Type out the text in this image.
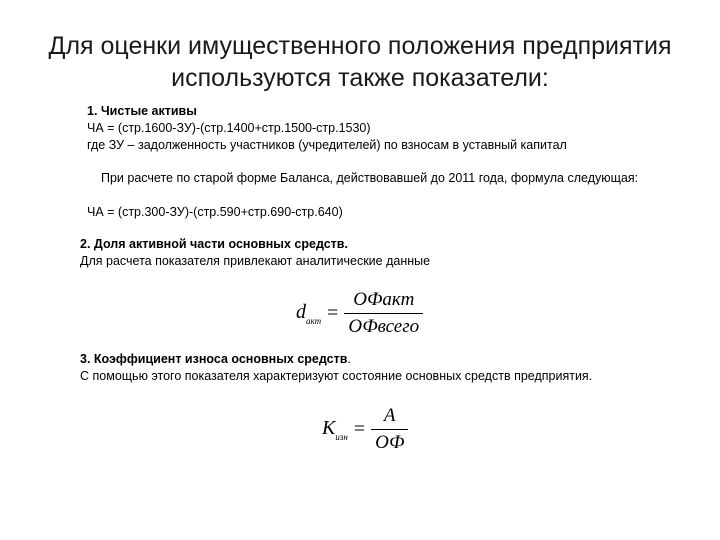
Для оценки имущественного положения предприятия
используются также показатели:
1. Чистые активы
ЧА = (стр.1600-ЗУ)-(стр.1400+стр.1500-стр.1530)
где ЗУ – задолженность участников (учредителей) по взносам в уставный капитал
При расчете по старой форме Баланса, действовавшей до 2011 года, формула следующая:
ЧА = (стр.300-ЗУ)-(стр.590+стр.690-стр.640)
2. Доля активной части основных средств.
Для расчета показателя привлекают аналитические данные
$d_{акт} = \frac{\text{ОФакт}}{\text{ОФвсего}}$
3. Коэффициент износа основных средств.
С помощью этого показателя характеризуют состояние основных средств предприятия.
$K_{изн} = \frac{А}{ОФ}$
